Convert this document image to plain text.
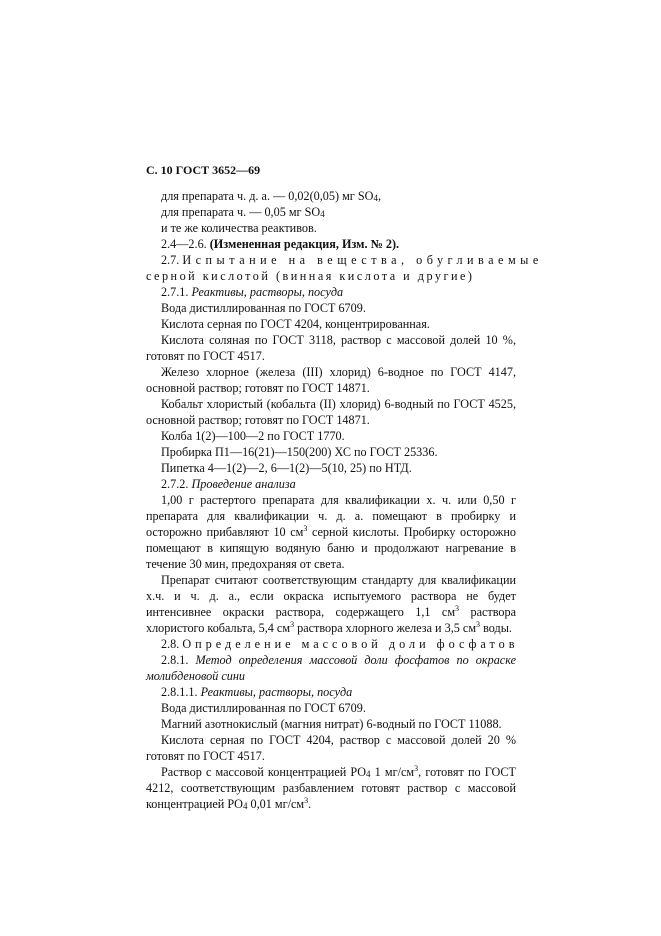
С. 10 ГОСТ 3652—69

для препарата ч. д. а. — 0,02(0,05) мг $SO_4$,

для препарата ч. — 0,05 мг $SO_4$

и те же количества реактивов.

2.4—2.6. (Измененная редакция, Изм. № 2).

2.7. Испытание на вещества, обугливаемые

серной кислотой (винная кислота и другие)

2.7.1. Реактивы, растворы, посуда

Вода дистиллированная по ГОСТ 6709.

Кислота серная по ГОСТ 4204, концентрированная.

Кислота соляная по ГОСТ 3118, раствор с массовой долей 10 %, готовят по ГОСТ 4517.

Железо хлорное (железа (III) хлорид) 6-водное по ГОСТ 4147, основной раствор; готовят по ГОСТ 14871.

Кобальт хлористый (кобальта (II) хлорид) 6-водный по ГОСТ 4525, основной раствор; готовят по ГОСТ 14871.

Колба 1(2)—100—2 по ГОСТ 1770.

Пробирка П1—16(21)—150(200) ХС по ГОСТ 25336.

Пипетка 4—1(2)—2, 6—1(2)—5(10, 25) по НТД.

2.7.2. Проведение анализа

1,00 г растертого препарата для квалификации х. ч. или 0,50 г препарата для квалификации ч. д. а. помещают в пробирку и осторожно прибавляют 10 $см^3$ серной кислоты. Пробирку осторожно помещают в кипящую водяную баню и продолжают нагревание в течение 30 мин, предохраняя от света.

Препарат считают соответствующим стандарту для квалификации х.ч. и ч. д. а., если окраска испытуемого раствора не будет интенсивнее окраски раствора, содержащего 1,1 $см^3$ раствора хлористого кобальта, 5,4 $см^3$ раствора хлорного железа и 3,5 $см^3$ воды.

2.8. Определение массовой доли фосфатов

2.8.1. Метод определения массовой доли фосфатов по окраске молибденовой сини

2.8.1.1. Реактивы, растворы, посуда

Вода дистиллированная по ГОСТ 6709.

Магний азотнокислый (магния нитрат) 6-водный по ГОСТ 11088.

Кислота серная по ГОСТ 4204, раствор с массовой долей 20 % готовят по ГОСТ 4517.

Раствор с массовой концентрацией $PO_4$ 1 $мг/см^3$, готовят по ГОСТ 4212, соответствующим разбавлением готовят раствор с массовой концентрацией $PO_4$ 0,01 $мг/см^3$.
